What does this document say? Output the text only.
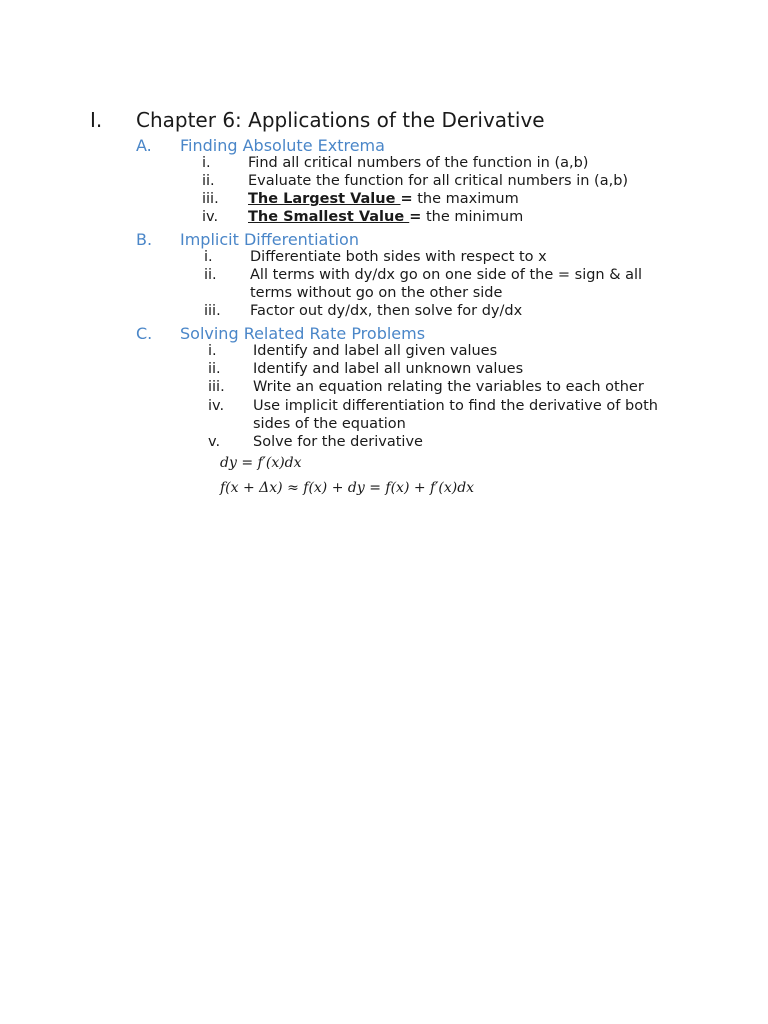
I. Chapter 6: Applications of the Derivative
A. Finding Absolute Extrema
i.	Find all critical numbers of the function in (a,b)
ii. Evaluate the function for all critical numbers in (a,b)
iii. The Largest Value = the maximum
iv. The Smallest Value = the minimum
B. Implicit Differentiation
i.	Differentiate both sides with respect to x
ii. All terms with dy/dx go on one side of the = sign & all
terms without go on the other side
iii. Factor out dy/dx, then solve for dy/dx
C. Solving Related Rate Problems
i.	Identify and label all given values
ii. Identify and label all unknown values
iii. Write an equation relating the variables to each other
iv. Use implicit differentiation to find the derivative of both
sides of the equation
v. Solve for the derivative
dy = f′(x)dx
f(x + Δx) ≈ f(x) + dy = f(x) + f′(x)dx
